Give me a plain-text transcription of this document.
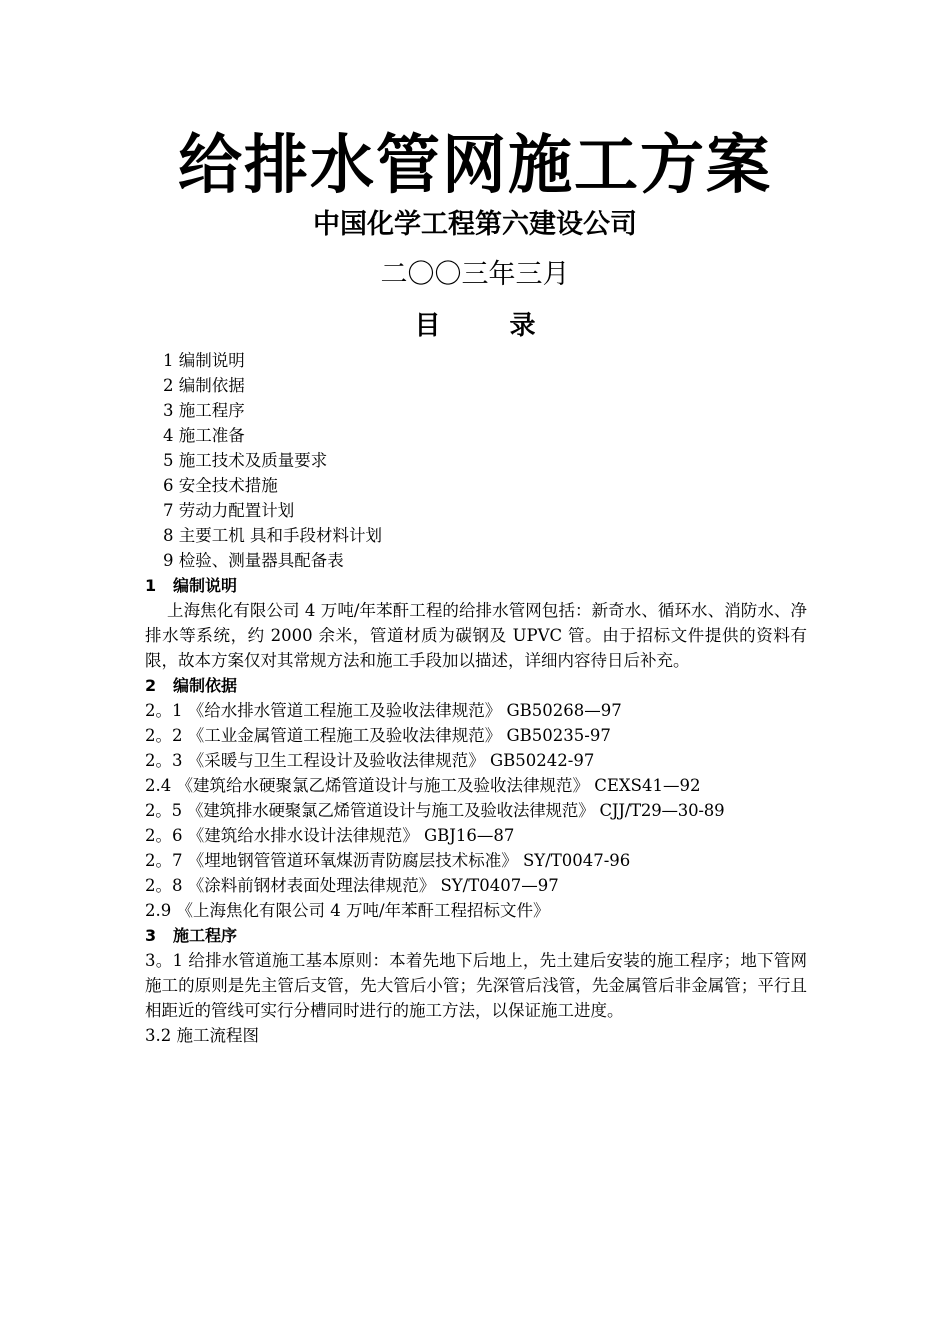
给排水管网施工方案
中国化学工程第六建设公司
二〇〇三年三月
目 录
1 编制说明
2 编制依据
3 施工程序
4 施工准备
5 施工技术及质量要求
6 安全技术措施
7 劳动力配置计划
8 主要工机 具和手段材料计划
9 检验、测量器具配备表
1 编制说明
上海焦化有限公司 4 万吨/年苯酐工程的给排水管网包括：新奇水、循环水、消防水、净排水等系统，约 2000 余米，管道材质为碳钢及 UPVC 管。由于招标文件提供的资料有限，故本方案仅对其常规方法和施工手段加以描述，详细内容待日后补充。
2 编制依据
2。1 《给水排水管道工程施工及验收法律规范》 GB50268—97
2。2 《工业金属管道工程施工及验收法律规范》 GB50235-97
2。3 《采暖与卫生工程设计及验收法律规范》 GB50242-97
2.4 《建筑给水硬聚氯乙烯管道设计与施工及验收法律规范》 CEXS41—92
2。5 《建筑排水硬聚氯乙烯管道设计与施工及验收法律规范》 CJJ/T29—30-89
2。6 《建筑给水排水设计法律规范》 GBJ16—87
2。7 《埋地钢管管道环氧煤沥青防腐层技术标准》 SY/T0047-96
2。8 《涂料前钢材表面处理法律规范》 SY/T0407—97
2.9 《上海焦化有限公司 4 万吨/年苯酐工程招标文件》
3 施工程序
3。1 给排水管道施工基本原则：本着先地下后地上，先土建后安装的施工程序；地下管网施工的原则是先主管后支管，先大管后小管；先深管后浅管，先金属管后非金属管；平行且相距近的管线可实行分槽同时进行的施工方法，以保证施工进度。
3.2 施工流程图
